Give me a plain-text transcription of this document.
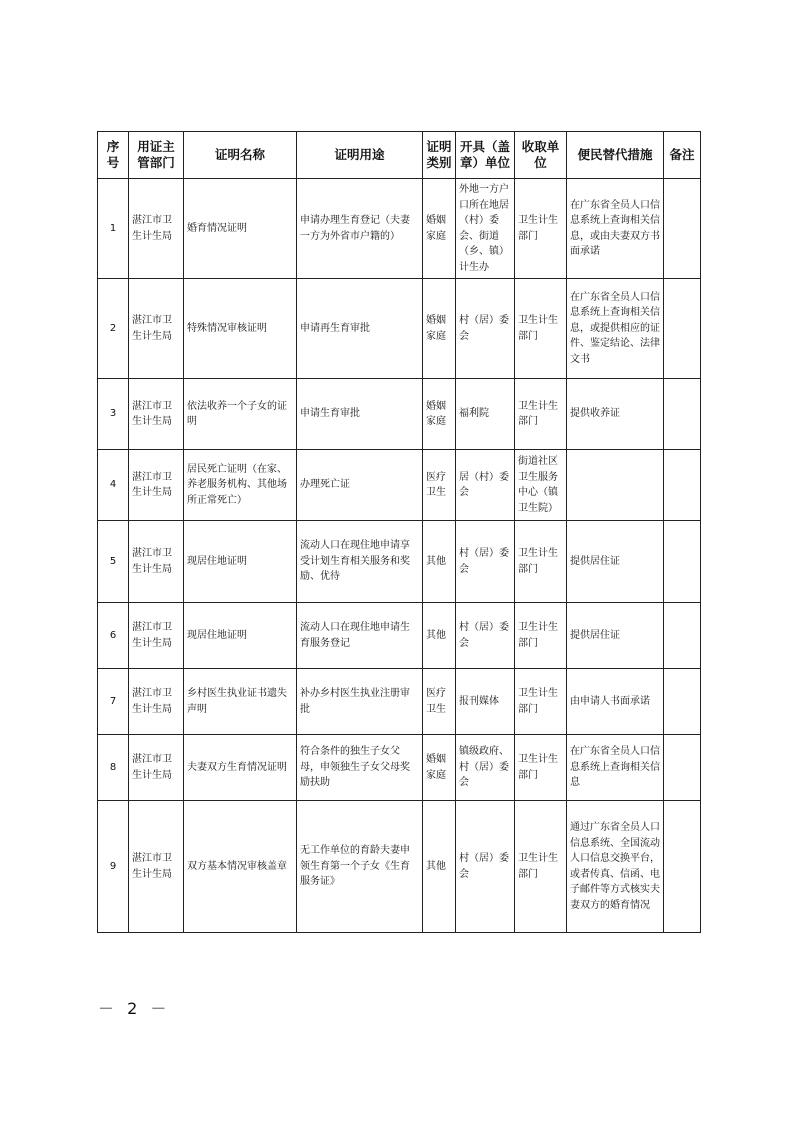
序号	用证主管部门	证明名称	证明用途	证明类别	开具（盖章）单位	收取单位	便民替代措施	备注
1	湛江市卫生计生局	婚育情况证明	申请办理生育登记（夫妻一方为外省市户籍的）	婚姻家庭	外地一方户口所在地居（村）委会、街道（乡、镇）计生办	卫生计生部门	在广东省全员人口信息系统上查询相关信息，或由夫妻双方书面承诺	
2	湛江市卫生计生局	特殊情况审核证明	申请再生育审批	婚姻家庭	村（居）委会	卫生计生部门	在广东省全员人口信息系统上查询相关信息，或提供相应的证件、鉴定结论、法律文书	
3	湛江市卫生计生局	依法收养一个子女的证明	申请生育审批	婚姻家庭	福利院	卫生计生部门	提供收养证	
4	湛江市卫生计生局	居民死亡证明（在家、养老服务机构、其他场所正常死亡）	办理死亡证	医疗卫生	居（村）委会	街道社区卫生服务中心（镇卫生院）		
5	湛江市卫生计生局	现居住地证明	流动人口在现住地申请享受计划生育相关服务和奖励、优待	其他	村（居）委会	卫生计生部门	提供居住证	
6	湛江市卫生计生局	现居住地证明	流动人口在现住地申请生育服务登记	其他	村（居）委会	卫生计生部门	提供居住证	
7	湛江市卫生计生局	乡村医生执业证书遗失声明	补办乡村医生执业注册审批	医疗卫生	报刊媒体	卫生计生部门	由申请人书面承诺	
8	湛江市卫生计生局	夫妻双方生育情况证明	符合条件的独生子女父母，申领独生子女父母奖励扶助	婚姻家庭	镇级政府、村（居）委会	卫生计生部门	在广东省全员人口信息系统上查询相关信息	
9	湛江市卫生计生局	双方基本情况审核盖章	无工作单位的育龄夫妻申领生育第一个子女《生育服务证》	其他	村（居）委会	卫生计生部门	通过广东省全员人口信息系统、全国流动人口信息交换平台，或者传真、信函、电子邮件等方式核实夫妻双方的婚育情况	
－ 2 －
